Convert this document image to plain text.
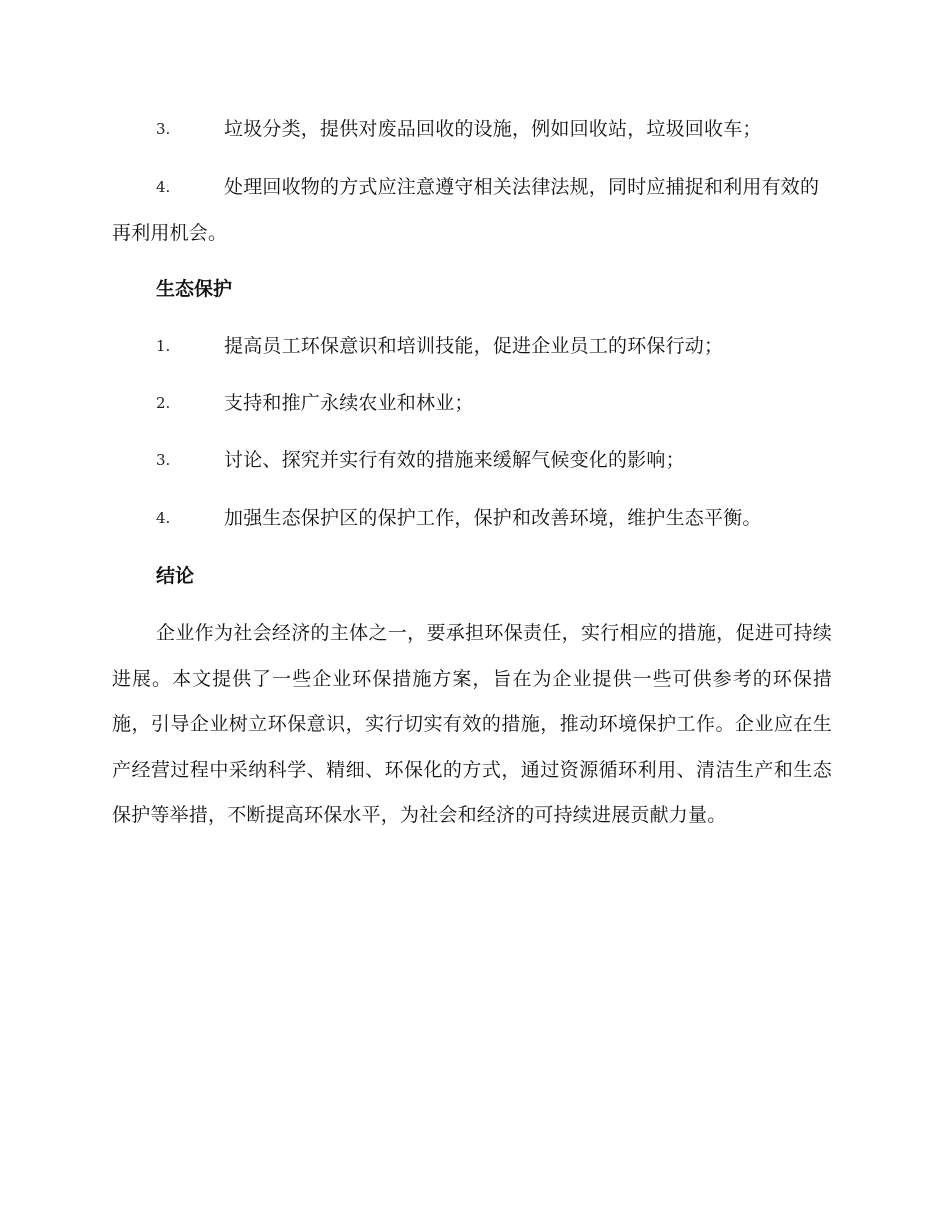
3.	垃圾分类，提供对废品回收的设施，例如回收站，垃圾回收车；
4.	处理回收物的方式应注意遵守相关法律法规，同时应捕捉和利用有效的再利用机会。
生态保护
1.	提高员工环保意识和培训技能，促进企业员工的环保行动；
2.	支持和推广永续农业和林业；
3.	讨论、探究并实行有效的措施来缓解气候变化的影响；
4.	加强生态保护区的保护工作，保护和改善环境，维护生态平衡。
结论
企业作为社会经济的主体之一，要承担环保责任，实行相应的措施，促进可持续进展。本文提供了一些企业环保措施方案，旨在为企业提供一些可供参考的环保措施，引导企业树立环保意识，实行切实有效的措施，推动环境保护工作。企业应在生产经营过程中采纳科学、精细、环保化的方式，通过资源循环利用、清洁生产和生态保护等举措，不断提高环保水平，为社会和经济的可持续进展贡献力量。
